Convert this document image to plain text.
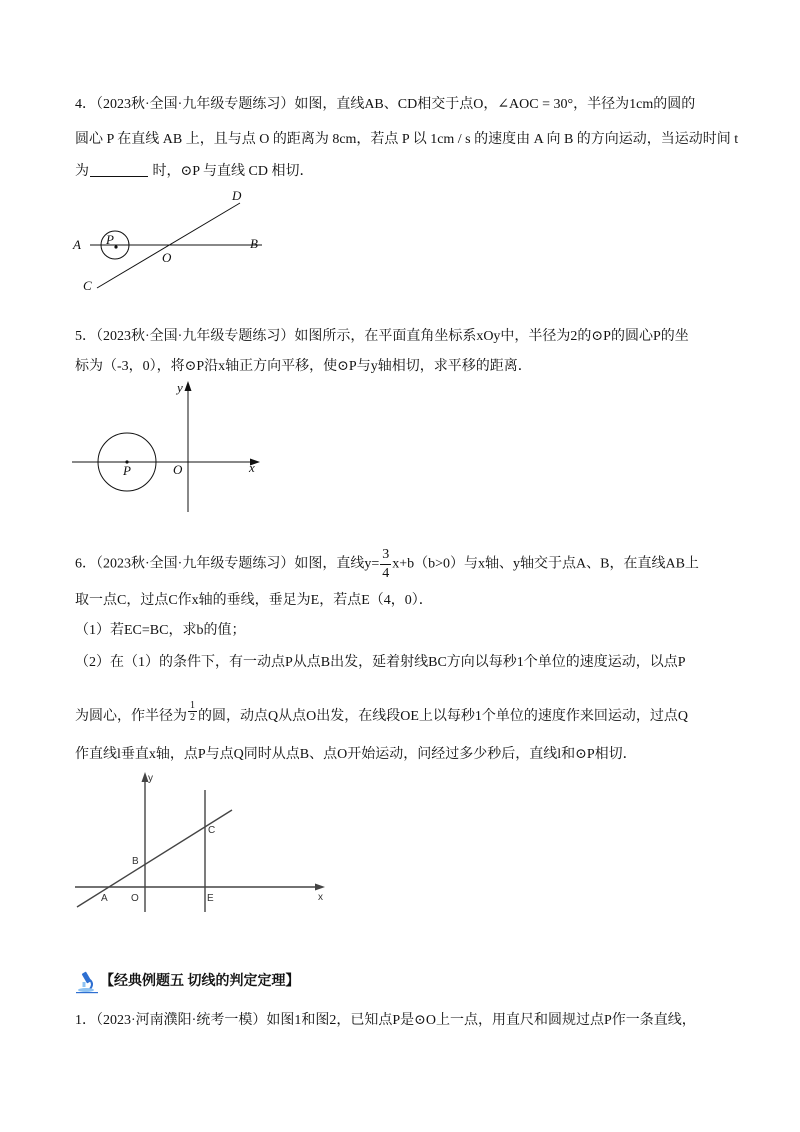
4．（2023秋·全国·九年级专题练习）如图，直线AB、CD相交于点O，∠AOC = 30°，半径为1cm的圆的
圆心 P 在直线 AB 上，且与点 O 的距离为 8cm，若点 P 以 1cm / s 的速度由 A 向 B 的方向运动，当运动时间 t
为	时，⊙P 与直线 CD 相切．
A P	B
O
C
D
5．（2023秋·全国·九年级专题练习）如图所示，在平面直角坐标系xOy中，半径为2的⊙P的圆心P的坐
标为（-3，0），将⊙P沿x轴正方向平移，使⊙P与y轴相切，求平移的距离．
y
P	O	x
6．（2023秋·全国·九年级专题练习）如图，直线$y= \frac{3}{4} x+b(b>0)$与x轴、y轴交于点A、B，在直线AB上
取一点C，过点C作x轴的垂线，垂足为E，若点E（4，0）．
（1）若EC=BC，求b的值；
（2）在（1）的条件下，有一动点P从点B出发，延着射线BC方向以每秒1个单位的速度运动，以点P
为圆心，作半径为 $\frac{1}{2}$ 的圆，动点Q从点O出发，在线段OE上以每秒1个单位的速度作来回运动，过点Q
作直线l垂直x轴，点P与点Q同时从点B、点O开始运动，问经过多少秒后，直线l和⊙P相切．
y
C
B
O
A	E	x
【经典例题五 切线的判定定理】
1．（2023·河南濮阳·统考一模）如图1和图2，已知点P是⊙O上一点，用直尺和圆规过点P作一条直线，
